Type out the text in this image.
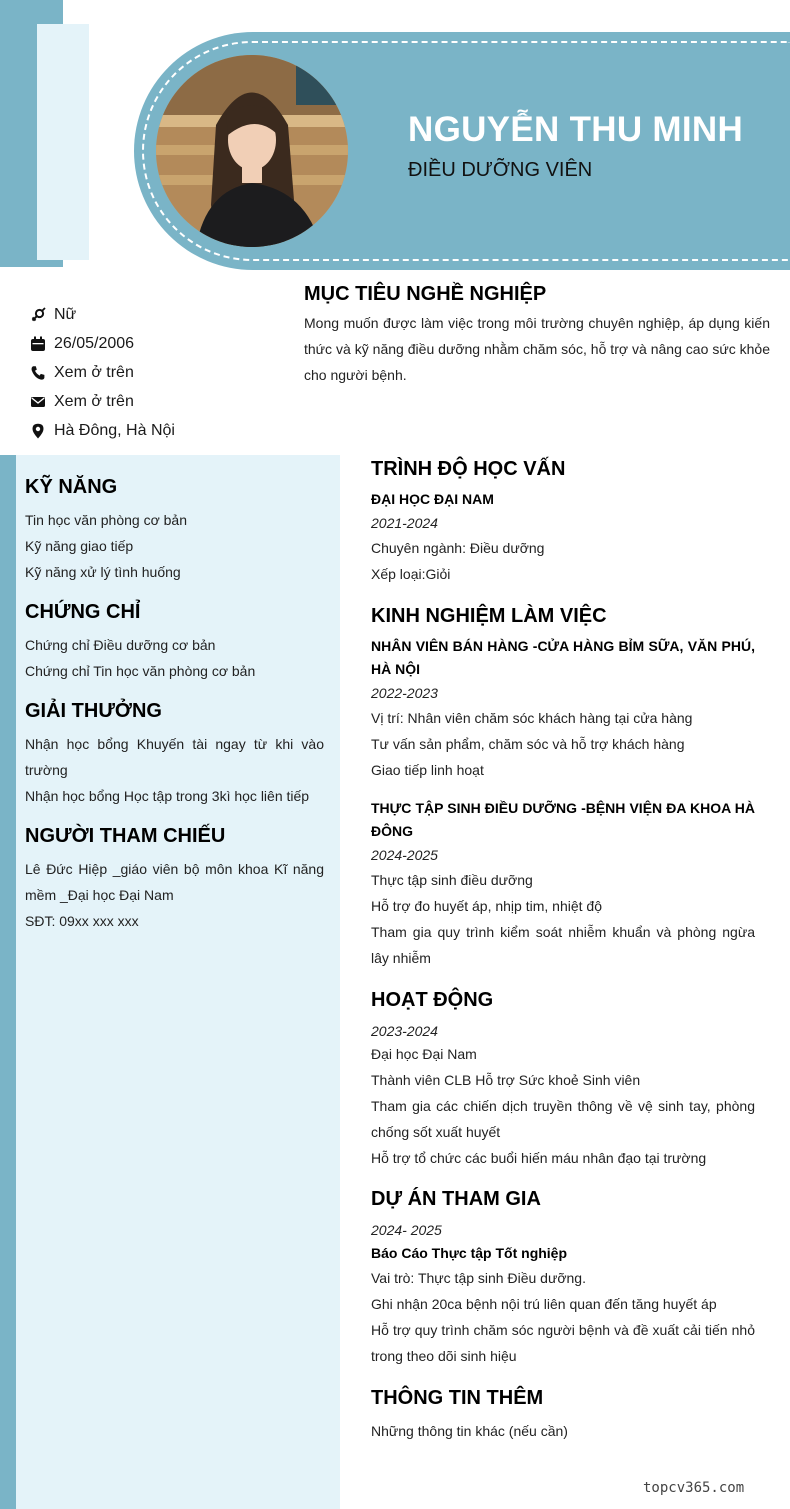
NGUYỄN THU MINH
ĐIỀU DƯỠNG VIÊN
Nữ
26/05/2006
Xem ở trên
Xem ở trên
Hà Đông, Hà Nội
MỤC TIÊU NGHỀ NGHIỆP

Mong muốn được làm việc trong môi trường chuyên nghiệp, áp dụng kiến thức và kỹ năng điều dưỡng nhằm chăm sóc, hỗ trợ và nâng cao sức khỏe cho người bệnh.

KỸ NĂNG
Tin học văn phòng cơ bản
Kỹ năng giao tiếp
Kỹ năng xử lý tình huống
CHỨNG CHỈ
Chứng chỉ Điều dưỡng cơ bản
Chứng chỉ Tin học văn phòng cơ bản
GIẢI THƯỞNG

Nhận học bổng Khuyến tài ngay từ khi vào trường

Nhận học bổng Học tập trong 3kì học liên tiếp

NGƯỜI THAM CHIẾU

Lê Đức Hiệp _giáo viên bộ môn khoa Kĩ năng mềm _Đại học Đại Nam

SĐT: 09xx xxx xxx

TRÌNH ĐỘ HỌC VẤN
ĐẠI HỌC ĐẠI NAM
2021-2024
Chuyên ngành: Điều dưỡng
Xếp loại:Giỏi
KINH NGHIỆM LÀM VIỆC
NHÂN VIÊN BÁN HÀNG -CỬA HÀNG BỈM SỮA, VĂN PHÚ, HÀ NỘI
2022-2023
Vị trí: Nhân viên chăm sóc khách hàng tại cửa hàng
Tư vấn sản phẩm, chăm sóc và hỗ trợ khách hàng
Giao tiếp linh hoạt
THỰC TẬP SINH ĐIỀU DƯỠNG -BỆNH VIỆN ĐA KHOA HÀ ĐÔNG
2024-2025
Thực tập sinh điều dưỡng
Hỗ trợ đo huyết áp, nhịp tim, nhiệt độ

Tham gia quy trình kiểm soát nhiễm khuẩn và phòng ngừa lây nhiễm

HOẠT ĐỘNG
2023-2024
Đại học Đại Nam
Thành viên CLB Hỗ trợ Sức khoẻ Sinh viên

Tham gia các chiến dịch truyền thông về vệ sinh tay, phòng chống sốt xuất huyết

Hỗ trợ tổ chức các buổi hiến máu nhân đạo tại trường
DỰ ÁN THAM GIA
2024- 2025
Báo Cáo Thực tập Tốt nghiệp
Vai trò: Thực tập sinh Điều dưỡng.
Ghi nhận 20ca bệnh nội trú liên quan đến tăng huyết áp

Hỗ trợ quy trình chăm sóc người bệnh và đề xuất cải tiến nhỏ trong theo dõi sinh hiệu

THÔNG TIN THÊM
Những thông tin khác (nếu cần)
topcv365.com
